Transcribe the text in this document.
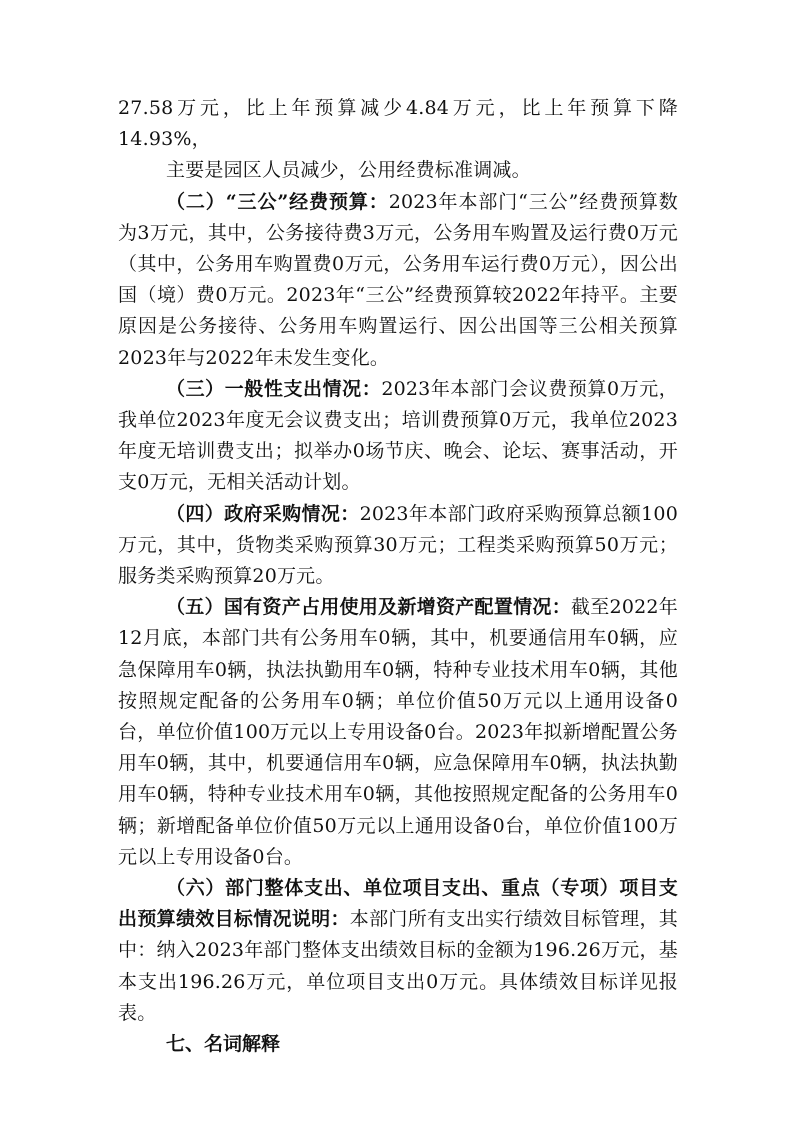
27.58万元，比上年预算减少4.84万元，比上年预算下降14.93%，

主要是园区人员减少，公用经费标准调减。

（二）“三公”经费预算：2023年本部门“三公”经费预算数为3万元，其中，公务接待费3万元，公务用车购置及运行费0万元（其中，公务用车购置费0万元，公务用车运行费0万元），因公出国（境）费0万元。2023年“三公”经费预算较2022年持平。主要原因是公务接待、公务用车购置运行、因公出国等三公相关预算2023年与2022年未发生变化。

（三）一般性支出情况：2023年本部门会议费预算0万元，我单位2023年度无会议费支出；培训费预算0万元，我单位2023年度无培训费支出；拟举办0场节庆、晚会、论坛、赛事活动，开支0万元，无相关活动计划。

（四）政府采购情况：2023年本部门政府采购预算总额100万元，其中，货物类采购预算30万元；工程类采购预算50万元；服务类采购预算20万元。

（五）国有资产占用使用及新增资产配置情况：截至2022年12月底，本部门共有公务用车0辆，其中，机要通信用车0辆，应急保障用车0辆，执法执勤用车0辆，特种专业技术用车0辆，其他按照规定配备的公务用车0辆；单位价值50万元以上通用设备0台，单位价值100万元以上专用设备0台。2023年拟新增配置公务用车0辆，其中，机要通信用车0辆，应急保障用车0辆，执法执勤用车0辆，特种专业技术用车0辆，其他按照规定配备的公务用车0辆；新增配备单位价值50万元以上通用设备0台，单位价值100万元以上专用设备0台。

（六）部门整体支出、单位项目支出、重点（专项）项目支出预算绩效目标情况说明：本部门所有支出实行绩效目标管理，其中：纳入2023年部门整体支出绩效目标的金额为196.26万元，基本支出196.26万元，单位项目支出0万元。具体绩效目标详见报表。

七、名词解释
